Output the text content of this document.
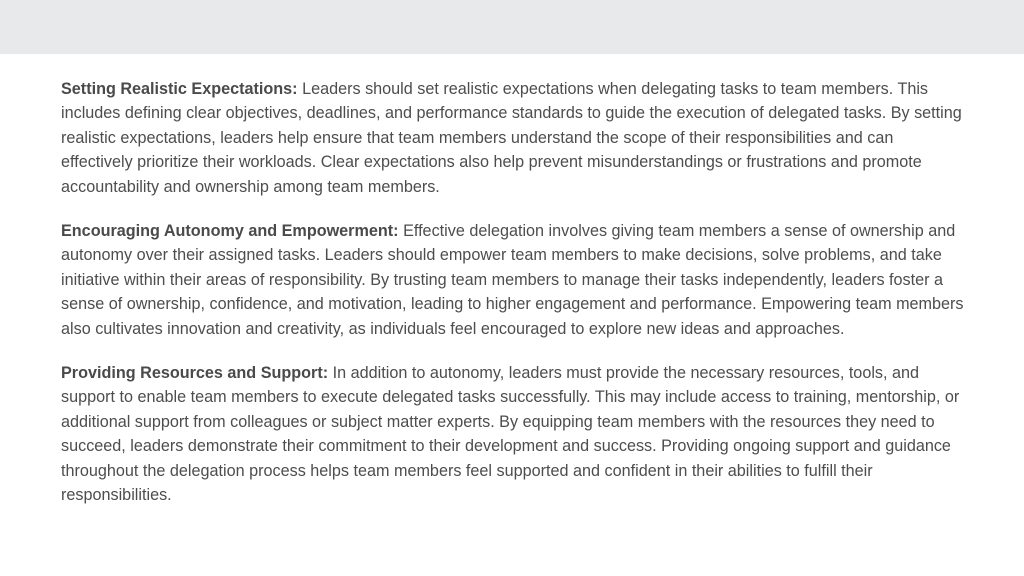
Setting Realistic Expectations: Leaders should set realistic expectations when delegating tasks to team members. This includes defining clear objectives, deadlines, and performance standards to guide the execution of delegated tasks. By setting realistic expectations, leaders help ensure that team members understand the scope of their responsibilities and can effectively prioritize their workloads. Clear expectations also help prevent misunderstandings or frustrations and promote accountability and ownership among team members.

Encouraging Autonomy and Empowerment: Effective delegation involves giving team members a sense of ownership and autonomy over their assigned tasks. Leaders should empower team members to make decisions, solve problems, and take initiative within their areas of responsibility. By trusting team members to manage their tasks independently, leaders foster a sense of ownership, confidence, and motivation, leading to higher engagement and performance. Empowering team members also cultivates innovation and creativity, as individuals feel encouraged to explore new ideas and approaches.

Providing Resources and Support: In addition to autonomy, leaders must provide the necessary resources, tools, and support to enable team members to execute delegated tasks successfully. This may include access to training, mentorship, or additional support from colleagues or subject matter experts. By equipping team members with the resources they need to succeed, leaders demonstrate their commitment to their development and success. Providing ongoing support and guidance throughout the delegation process helps team members feel supported and confident in their abilities to fulfill their responsibilities.
